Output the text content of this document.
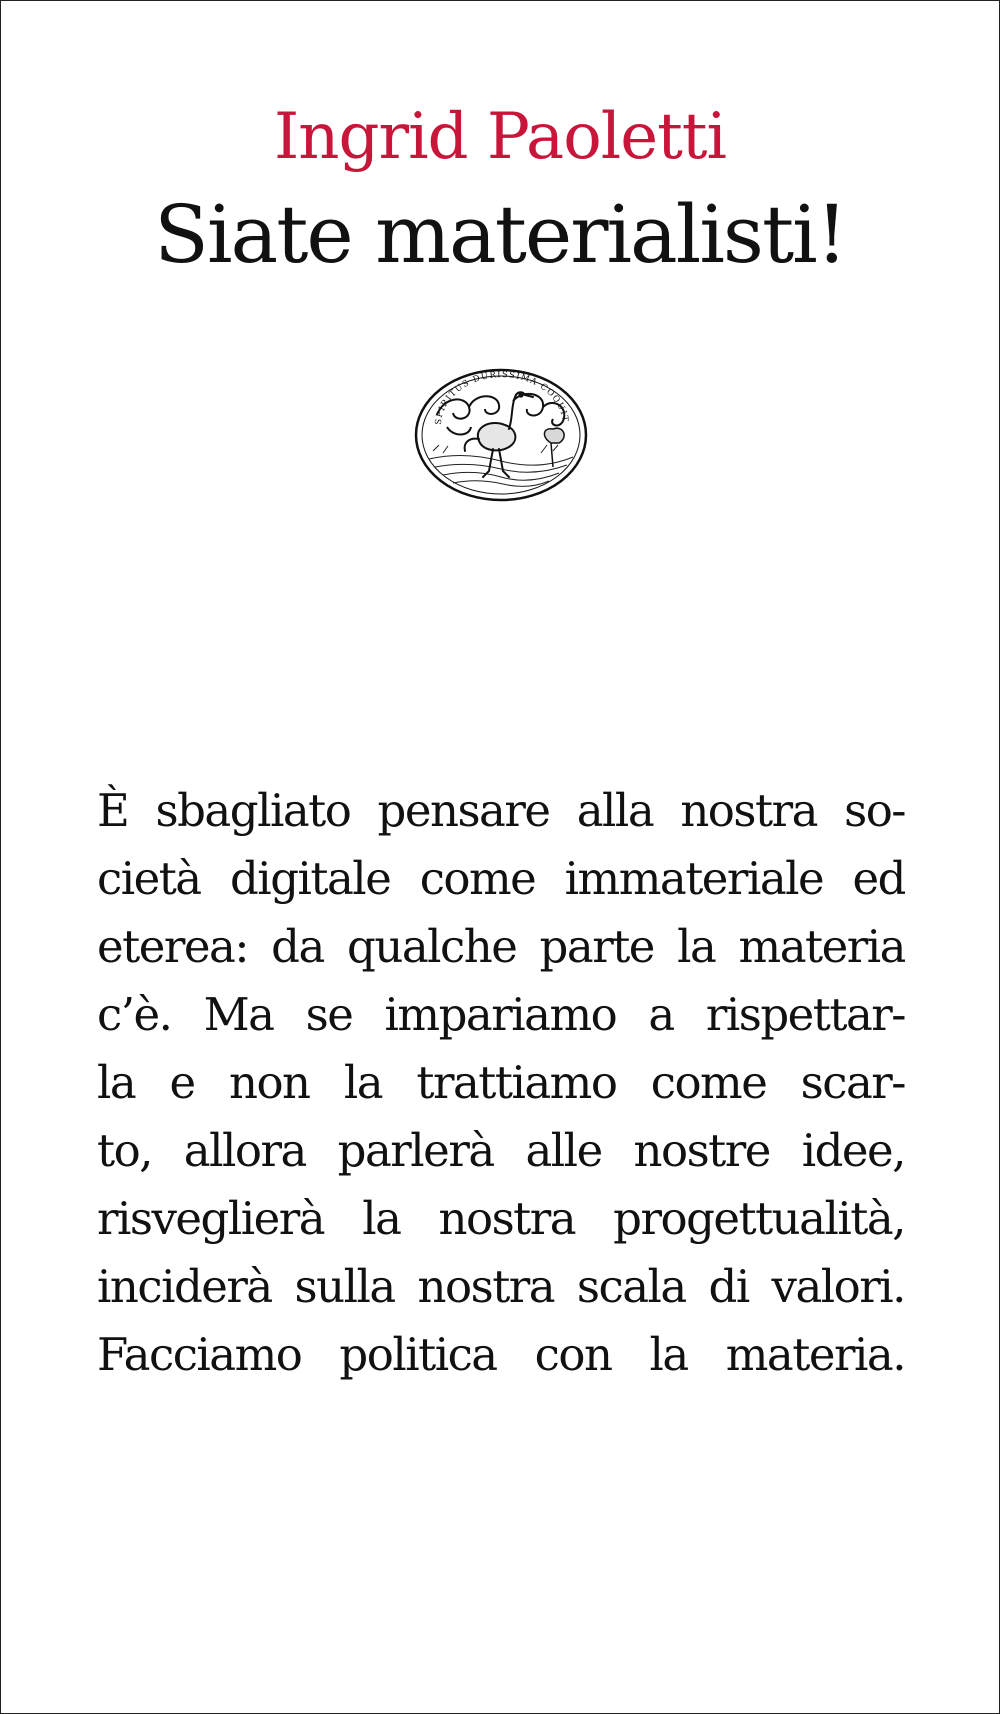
Ingrid Paoletti
Siate materialisti!
SPIRITUS DURISSIMA COQUIT
È sbagliato pensare alla nostra so-
cietà digitale come immateriale ed
eterea: da qualche parte la materia
c’è. Ma se impariamo a rispettar-
la e non la trattiamo come scar-
to, allora parlerà alle nostre idee,
risveglierà la nostra progettualità,
inciderà sulla nostra scala di valori.
Facciamo politica con la materia.
